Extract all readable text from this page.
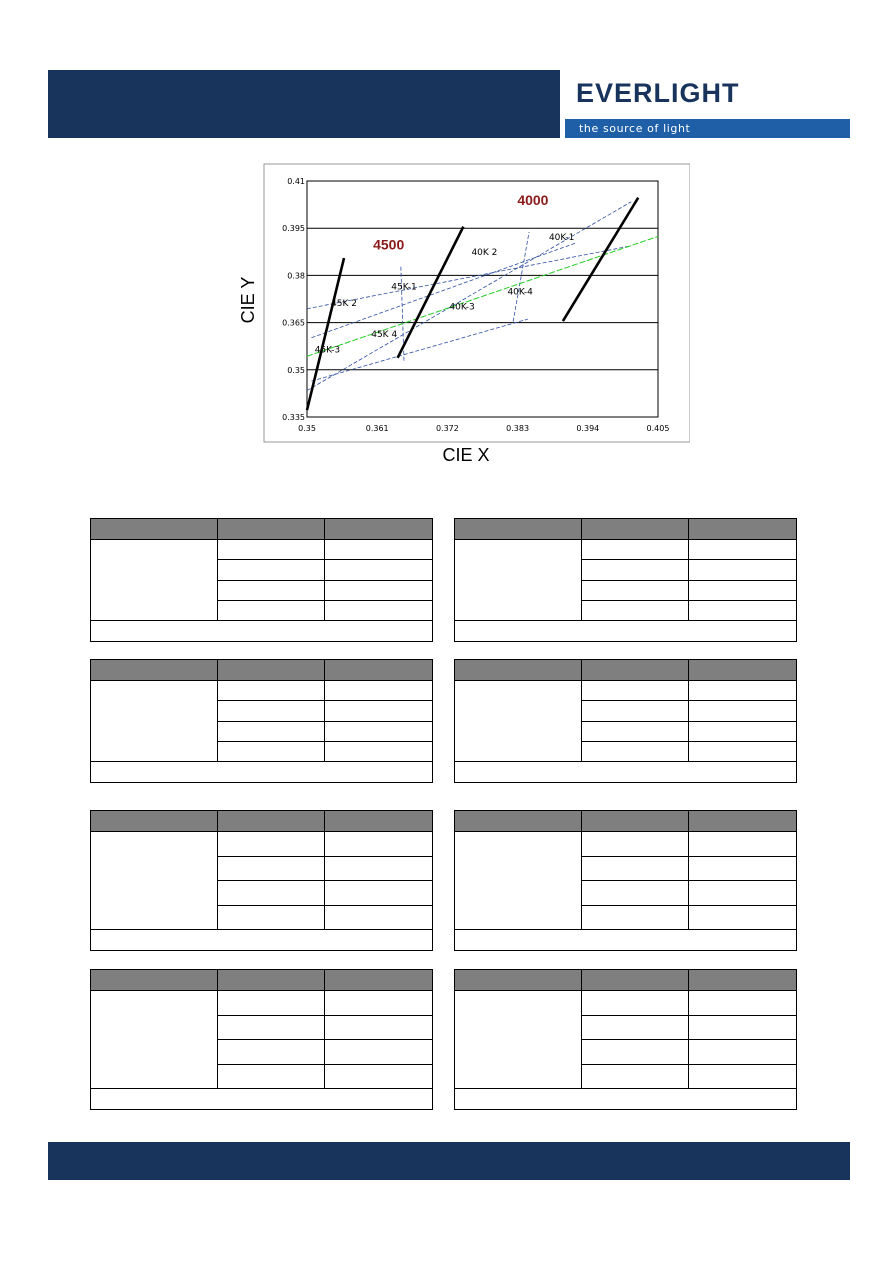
EVERLIGHT
the source of light
0.41
0.395
0.38
0.365
0.35
0.335
0.35	0.361	0.372	0.383	0.394	0.405
45K 2
45K-1
45K-3
45K 4
40K 2
40K-1
40K-3
40K-4
4500
4000
CIE Y
CIE X
